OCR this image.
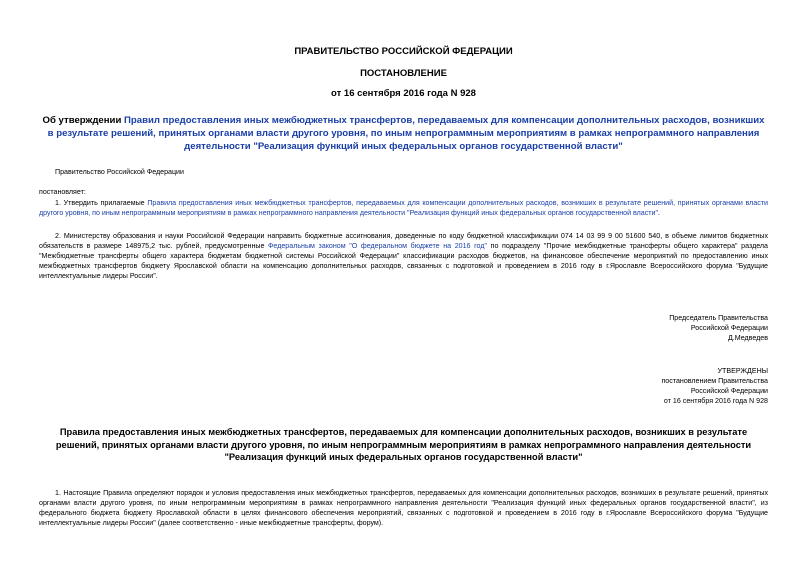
ПРАВИТЕЛЬСТВО РОССИЙСКОЙ ФЕДЕРАЦИИ
ПОСТАНОВЛЕНИЕ
от 16 сентября 2016 года N 928
Об утверждении Правил предоставления иных межбюджетных трансфертов, передаваемых для компенсации дополнительных расходов, возникших в результате решений, принятых органами власти другого уровня, по иным непрограммным мероприятиям в рамках непрограммного направления деятельности "Реализация функций иных федеральных органов государственной власти"
Правительство Российской Федерации
постановляет:
1. Утвердить прилагаемые Правила предоставления иных межбюджетных трансфертов, передаваемых для компенсации дополнительных расходов, возникших в результате решений, принятых органами власти другого уровня, по иным непрограммным мероприятиям в рамках непрограммного направления деятельности "Реализация функций иных федеральных органов государственной власти".
2. Министерству образования и науки Российской Федерации направить бюджетные ассигнования, доведенные по коду бюджетной классификации 074 14 03 99 9 00 51600 540, в объеме лимитов бюджетных обязательств в размере 148975,2 тыс. рублей, предусмотренные Федеральным законом "О федеральном бюджете на 2016 год" по подразделу "Прочие межбюджетные трансферты общего характера" раздела "Межбюджетные трансферты общего характера бюджетам бюджетной системы Российской Федерации" классификации расходов бюджетов, на финансовое обеспечение мероприятий по предоставлению иных межбюджетных трансфертов бюджету Ярославской области на компенсацию дополнительных расходов, связанных с подготовкой и проведением в 2016 году в г.Ярославле Всероссийского форума "Будущие интеллектуальные лидеры России".
Председатель Правительства
Российской Федерации
Д.Медведев
УТВЕРЖДЕНЫ
постановлением Правительства
Российской Федерации
от 16 сентября 2016 года N 928
Правила предоставления иных межбюджетных трансфертов, передаваемых для компенсации дополнительных расходов, возникших в результате решений, принятых органами власти другого уровня, по иным непрограммным мероприятиям в рамках непрограммного направления деятельности "Реализация функций иных федеральных органов государственной власти"
1. Настоящие Правила определяют порядок и условия предоставления иных межбюджетных трансфертов, передаваемых для компенсации дополнительных расходов, возникших в результате решений, принятых органами власти другого уровня, по иным непрограммным мероприятиям в рамках непрограммного направления деятельности "Реализация функций иных федеральных органов государственной власти", из федерального бюджета бюджету Ярославской области в целях финансового обеспечения мероприятий, связанных с подготовкой и проведением в 2016 году в г.Ярославле Всероссийского форума "Будущие интеллектуальные лидеры России" (далее соответственно - иные межбюджетные трансферты, форум).
